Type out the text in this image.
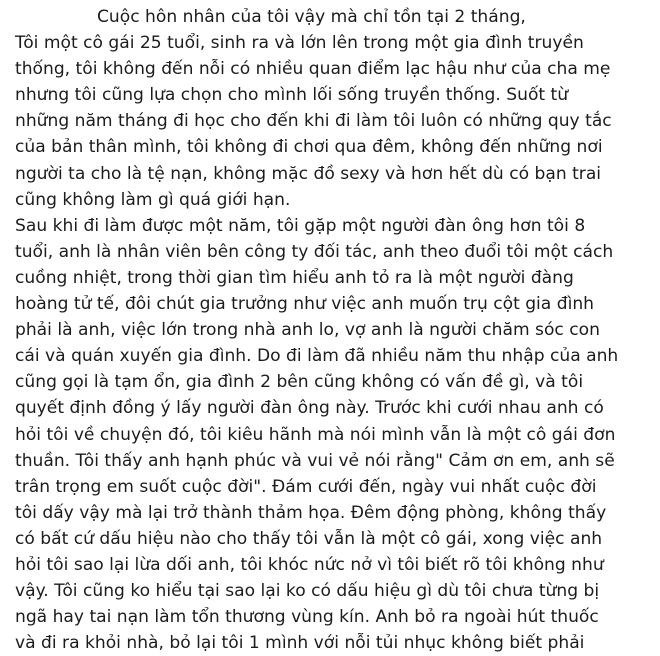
Cuộc hôn nhân của tôi vậy mà chỉ tồn tại 2 tháng,
Tôi một cô gái 25 tuổi, sinh ra và lớn lên trong một gia đình truyền
thống, tôi không đến nỗi có nhiều quan điểm lạc hậu như của cha mẹ
nhưng tôi cũng lựa chọn cho mình lối sống truyền thống. Suốt từ
những năm tháng đi học cho đến khi đi làm tôi luôn có những quy tắc
của bản thân mình, tôi không đi chơi qua đêm, không đến những nơi
người ta cho là tệ nạn, không mặc đồ sexy và hơn hết dù có bạn trai
cũng không làm gì quá giới hạn.
Sau khi đi làm được một năm, tôi gặp một người đàn ông hơn tôi 8
tuổi, anh là nhân viên bên công ty đối tác, anh theo đuổi tôi một cách
cuồng nhiệt, trong thời gian tìm hiểu anh tỏ ra là một người đàng
hoàng tử tế, đôi chút gia trưởng như việc anh muốn trụ cột gia đình
phải là anh, việc lớn trong nhà anh lo, vợ anh là người chăm sóc con
cái và quán xuyến gia đình. Do đi làm đã nhiều năm thu nhập của anh
cũng gọi là tạm ổn, gia đình 2 bên cũng không có vấn đề gì, và tôi
quyết định đồng ý lấy người đàn ông này. Trước khi cưới nhau anh có
hỏi tôi về chuyện đó, tôi kiêu hãnh mà nói mình vẫn là một cô gái đơn
thuần. Tôi thấy anh hạnh phúc và vui vẻ nói rằng" Cảm ơn em, anh sẽ
trân trọng em suốt cuộc đời". Đám cưới đến, ngày vui nhất cuộc đời
tôi dấy vậy mà lại trở thành thảm họa. Đêm động phòng, không thấy
có bất cứ dấu hiệu nào cho thấy tôi vẫn là một cô gái, xong việc anh
hỏi tôi sao lại lừa dối anh, tôi khóc nức nở vì tôi biết rõ tôi không như
vậy. Tôi cũng ko hiểu tại sao lại ko có dấu hiệu gì dù tôi chưa từng bị
ngã hay tai nạn làm tổn thương vùng kín. Anh bỏ ra ngoài hút thuốc
và đi ra khỏi nhà, bỏ lại tôi 1 mình với nỗi tủi nhục không biết phải
